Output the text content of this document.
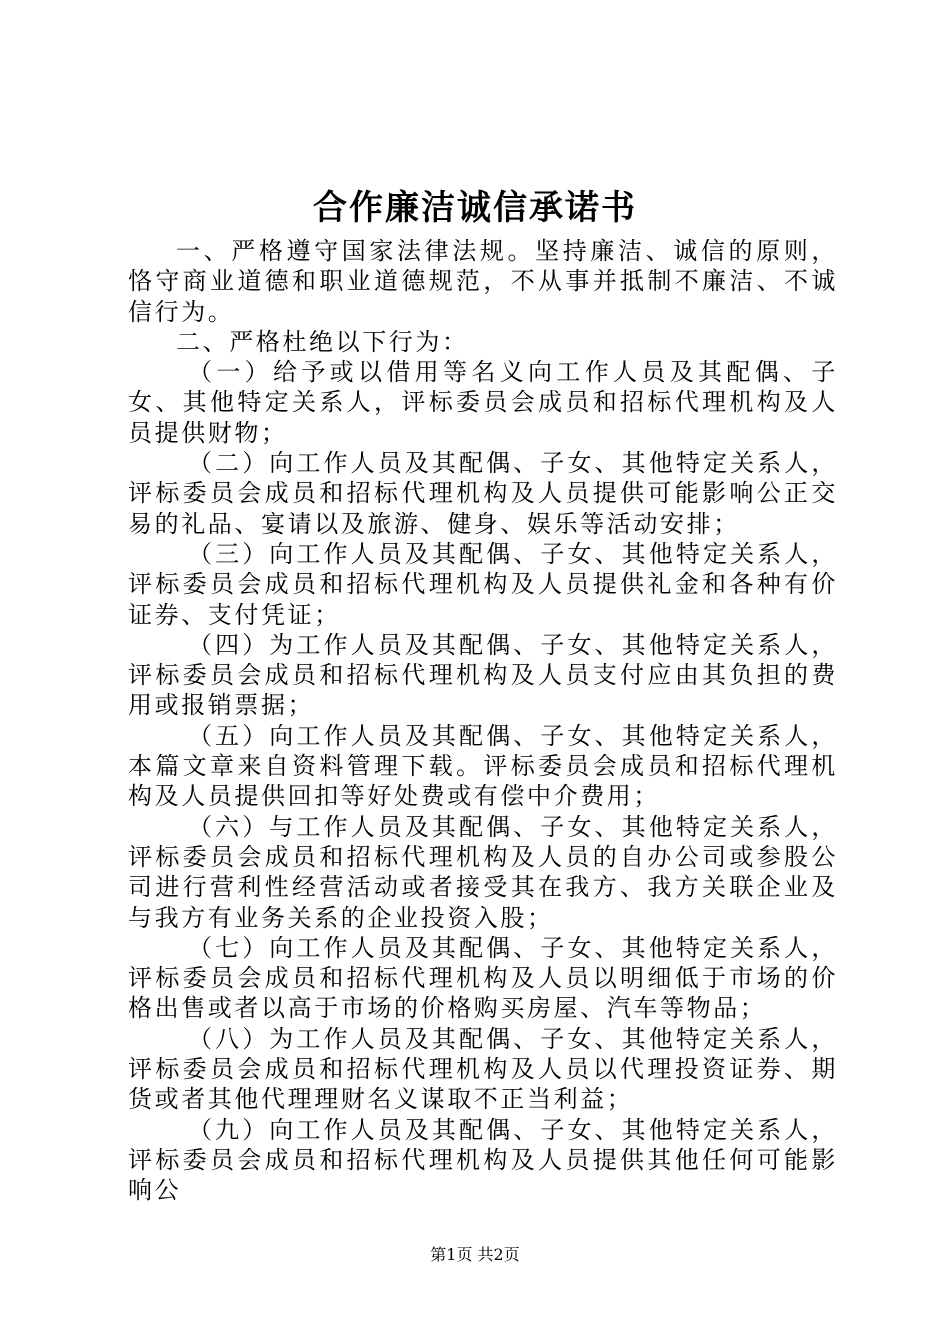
合作廉洁诚信承诺书

一、严格遵守国家法律法规。坚持廉洁、诚信的原则，恪守商业道德和职业道德规范，不从事并抵制不廉洁、不诚信行为。

二、严格杜绝以下行为：

（一）给予或以借用等名义向工作人员及其配偶、子女、其他特定关系人，评标委员会成员和招标代理机构及人员提供财物；

（二）向工作人员及其配偶、子女、其他特定关系人，评标委员会成员和招标代理机构及人员提供可能影响公正交易的礼品、宴请以及旅游、健身、娱乐等活动安排；

（三）向工作人员及其配偶、子女、其他特定关系人，评标委员会成员和招标代理机构及人员提供礼金和各种有价证券、支付凭证；

（四）为工作人员及其配偶、子女、其他特定关系人，评标委员会成员和招标代理机构及人员支付应由其负担的费用或报销票据；

（五）向工作人员及其配偶、子女、其他特定关系人，本篇文章来自资料管理下载。评标委员会成员和招标代理机构及人员提供回扣等好处费或有偿中介费用；

（六）与工作人员及其配偶、子女、其他特定关系人，评标委员会成员和招标代理机构及人员的自办公司或参股公司进行营利性经营活动或者接受其在我方、我方关联企业及与我方有业务关系的企业投资入股；

（七）向工作人员及其配偶、子女、其他特定关系人，评标委员会成员和招标代理机构及人员以明细低于市场的价格出售或者以高于市场的价格购买房屋、汽车等物品；

（八）为工作人员及其配偶、子女、其他特定关系人，评标委员会成员和招标代理机构及人员以代理投资证券、期货或者其他代理理财名义谋取不正当利益；

（九）向工作人员及其配偶、子女、其他特定关系人，评标委员会成员和招标代理机构及人员提供其他任何可能影响公

第1页 共2页
